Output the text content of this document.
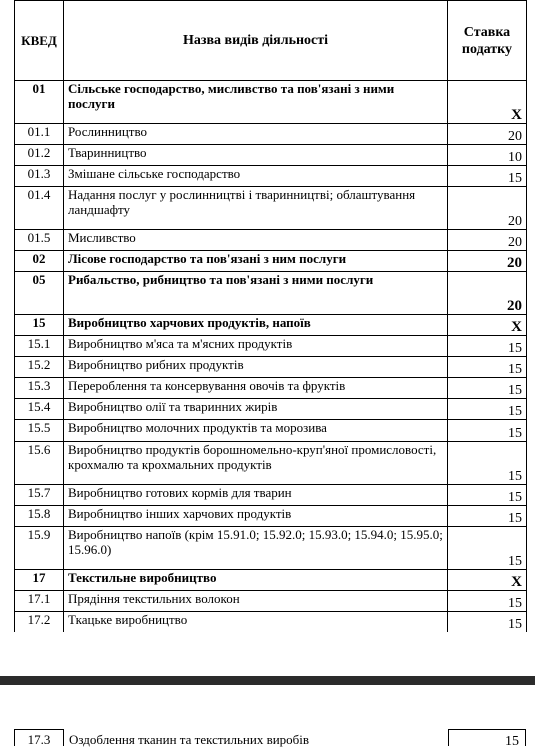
КВЕД	Назва видів діяльності	Ставка податку
01	Сільське господарство, мисливство та пов'язані з ними послуги	Х
01.1	Рослинництво	20
01.2	Тваринництво	10
01.3	Змішане сільське господарство	15
01.4	Надання послуг у рослинництві і тваринництві; облаштування ландшафту	20
01.5	Мисливство	20
02	Лісове господарство та пов'язані з ним послуги	20
05	Рибальство, рибництво та пов'язані з ними послуги	20
15	Виробництво харчових продуктів, напоїв	Х
15.1	Виробництво м'яса та м'ясних продуктів	15
15.2	Виробництво рибних продуктів	15
15.3	Перероблення та консервування овочів та фруктів	15
15.4	Виробництво олії та тваринних жирів	15
15.5	Виробництво молочних продуктів та морозива	15
15.6	Виробництво продуктів борошномельно-круп'яної промисловості, крохмалю та крохмальних продуктів	15
15.7	Виробництво готових кормів для тварин	15
15.8	Виробництво інших харчових продуктів	15
15.9	Виробництво напоїв (крім 15.91.0; 15.92.0; 15.93.0; 15.94.0; 15.95.0; 15.96.0)	15
17	Текстильне виробництво	Х
17.1	Прядіння текстильних волокон	15
17.2	Ткацьке виробництво	15
17.3	Оздоблення тканин та текстильних виробів	15
